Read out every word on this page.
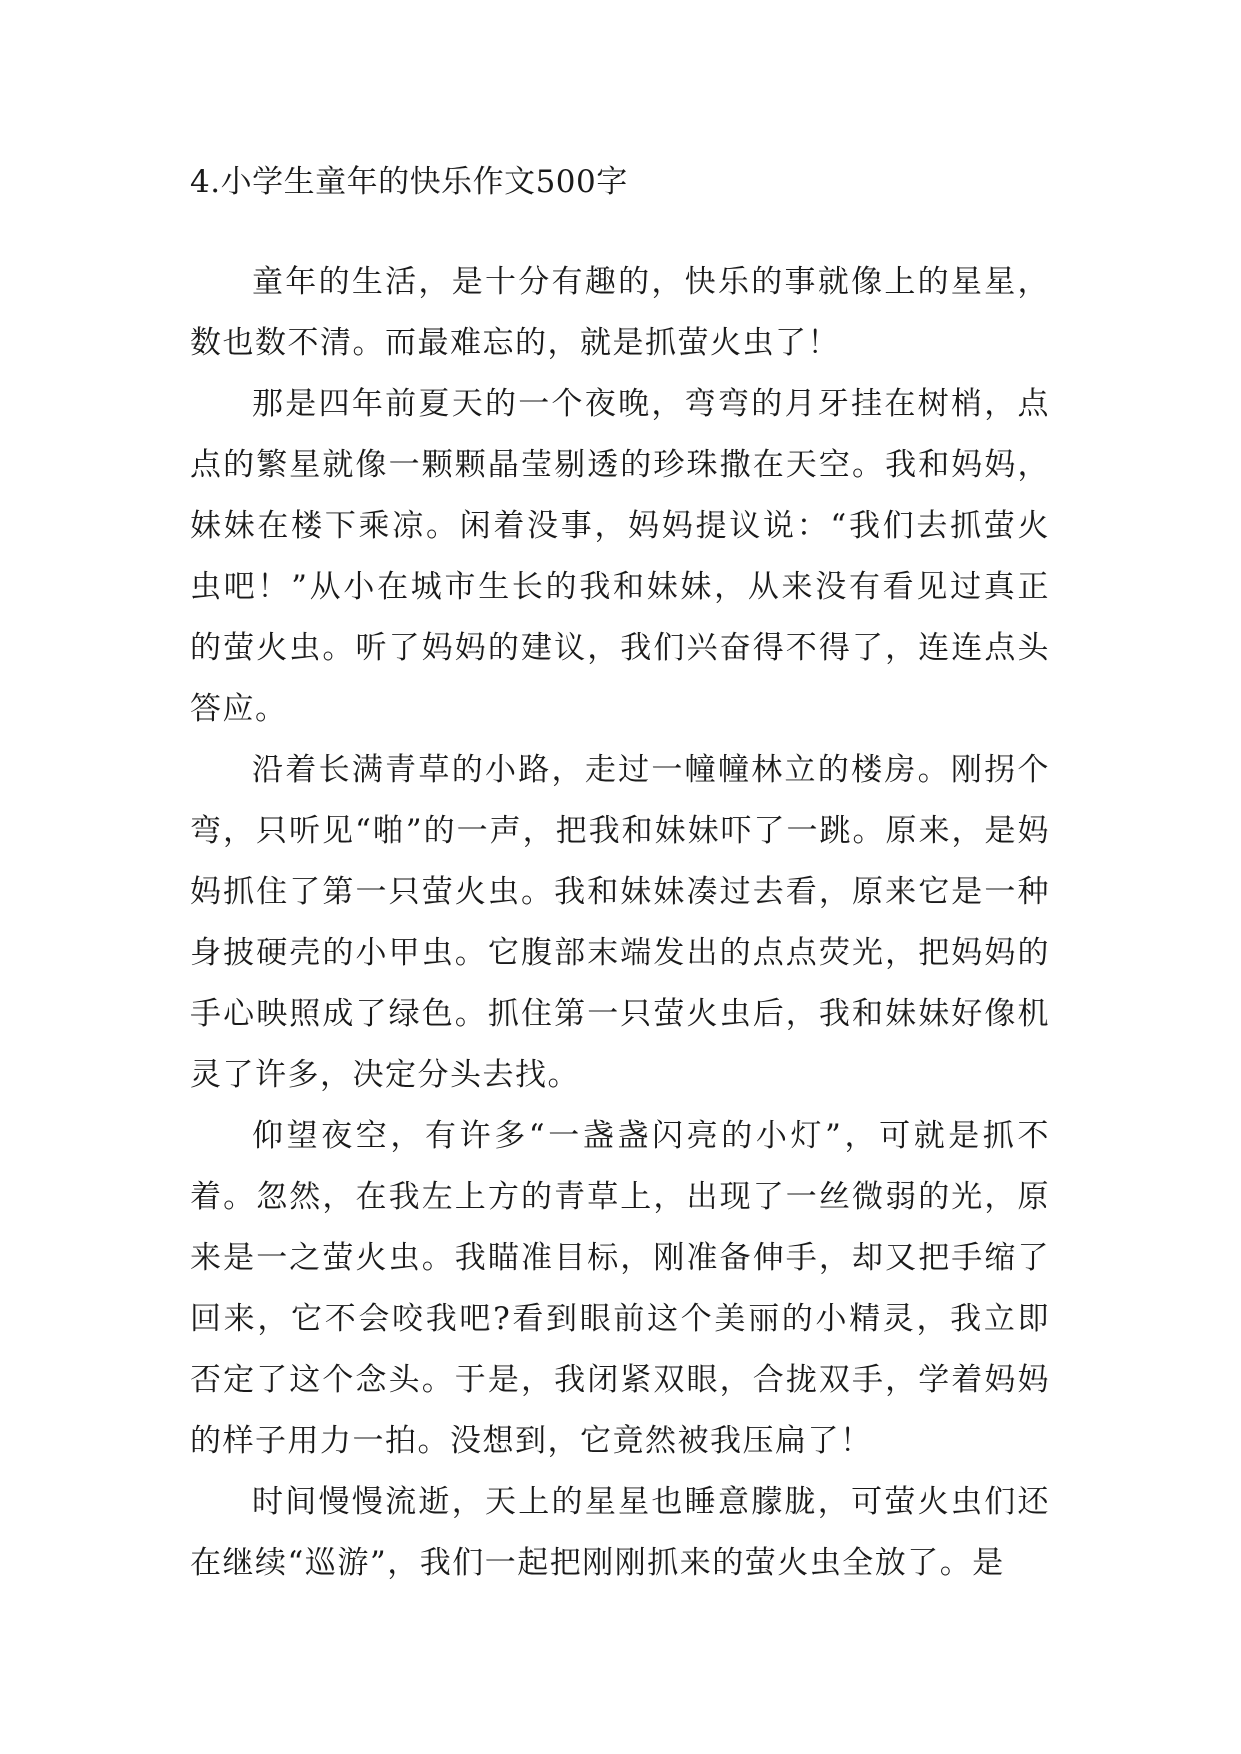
4.小学生童年的快乐作文500字

童年的生活，是十分有趣的，快乐的事就像上的星星，数也数不清。而最难忘的，就是抓萤火虫了！

那是四年前夏天的一个夜晚，弯弯的月牙挂在树梢，点点的繁星就像一颗颗晶莹剔透的珍珠撒在天空。我和妈妈，妹妹在楼下乘凉。闲着没事，妈妈提议说：“我们去抓萤火虫吧！”从小在城市生长的我和妹妹，从来没有看见过真正的萤火虫。听了妈妈的建议，我们兴奋得不得了，连连点头答应。

沿着长满青草的小路，走过一幢幢林立的楼房。刚拐个弯，只听见“啪”的一声，把我和妹妹吓了一跳。原来，是妈妈抓住了第一只萤火虫。我和妹妹凑过去看，原来它是一种身披硬壳的小甲虫。它腹部末端发出的点点荧光，把妈妈的手心映照成了绿色。抓住第一只萤火虫后，我和妹妹好像机灵了许多，决定分头去找。

仰望夜空，有许多“一盏盏闪亮的小灯”，可就是抓不着。忽然，在我左上方的青草上，出现了一丝微弱的光，原来是一之萤火虫。我瞄准目标，刚准备伸手，却又把手缩了回来，它不会咬我吧?看到眼前这个美丽的小精灵，我立即否定了这个念头。于是，我闭紧双眼，合拢双手，学着妈妈的样子用力一拍。没想到，它竟然被我压扁了！

时间慢慢流逝，天上的星星也睡意朦胧，可萤火虫们还在继续“巡游”，我们一起把刚刚抓来的萤火虫全放了。是
